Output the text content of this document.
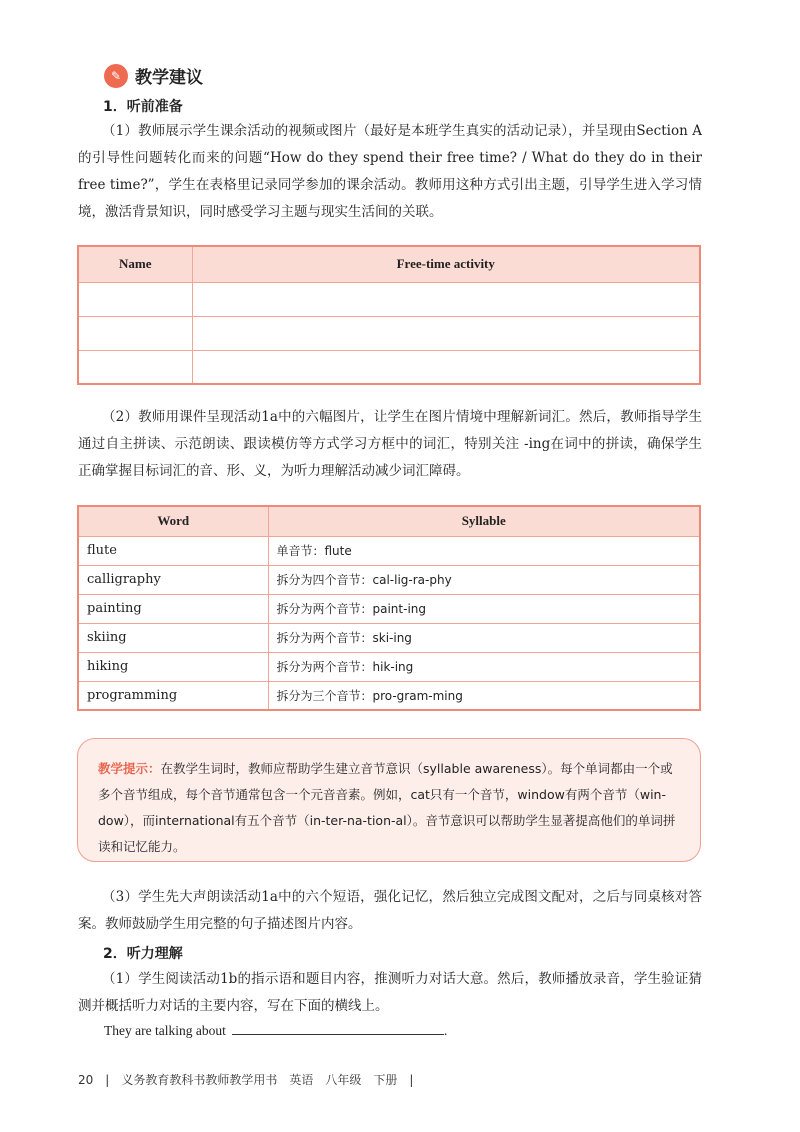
✎ 教学建议
1．听前准备
（1）教师展示学生课余活动的视频或图片（最好是本班学生真实的活动记录），并呈现由Section A的引导性问题转化而来的问题“How do they spend their free time? / What do they do in their free time?”，学生在表格里记录同学参加的课余活动。教师用这种方式引出主题，引导学生进入学习情境，激活背景知识，同时感受学习主题与现实生活间的关联。
Name	Free-time activity

（2）教师用课件呈现活动1a中的六幅图片，让学生在图片情境中理解新词汇。然后，教师指导学生通过自主拼读、示范朗读、跟读模仿等方式学习方框中的词汇，特别关注 -ing在词中的拼读，确保学生正确掌握目标词汇的音、形、义，为听力理解活动减少词汇障碍。
Word	Syllable
flute	单音节：flute
calligraphy	拆分为四个音节：cal-lig-ra-phy
painting	拆分为两个音节：paint-ing
skiing	拆分为两个音节：ski-ing
hiking	拆分为两个音节：hik-ing
programming	拆分为三个音节：pro-gram-ming
教学提示：在教学生词时，教师应帮助学生建立音节意识（syllable awareness）。每个单词都由一个或多个音节组成，每个音节通常包含一个元音音素。例如，cat只有一个音节，window有两个音节（win-dow），而international有五个音节（in-ter-na-tion-al）。音节意识可以帮助学生显著提高他们的单词拼读和记忆能力。
（3）学生先大声朗读活动1a中的六个短语，强化记忆，然后独立完成图文配对，之后与同桌核对答案。教师鼓励学生用完整的句子描述图片内容。
2．听力理解
（1）学生阅读活动1b的指示语和题目内容，推测听力对话大意。然后，教师播放录音，学生验证猜测并概括听力对话的主要内容，写在下面的横线上。
They are talking about	.
20　|　义务教育教科书教师教学用书　英语　八年级　下册　|
